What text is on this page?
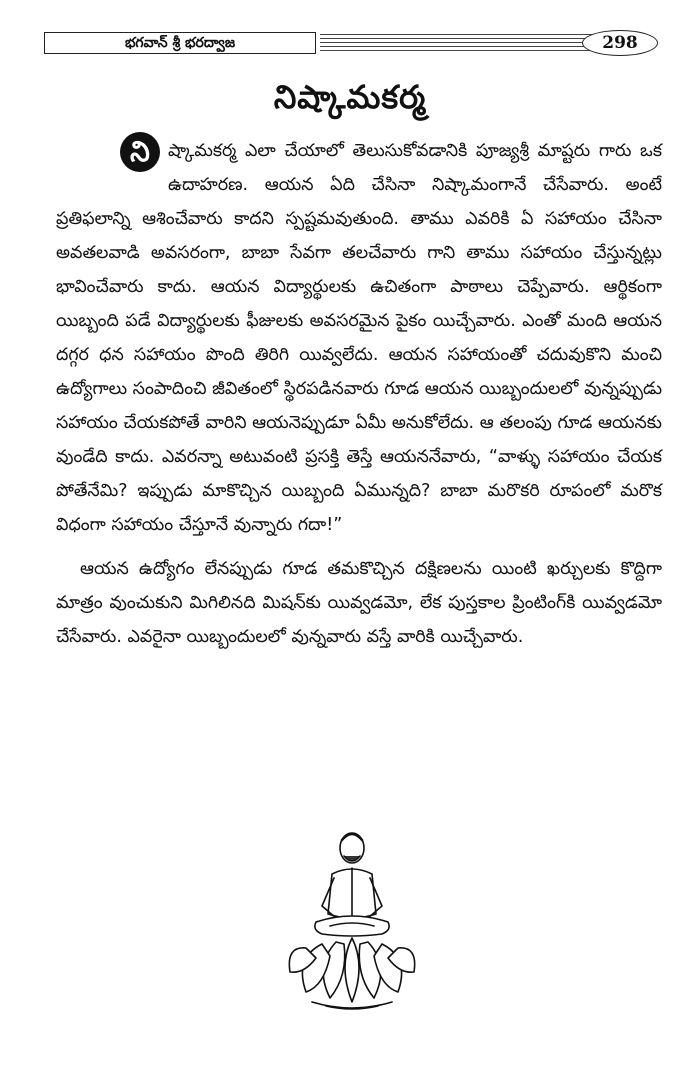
భగవాన్ శ్రీ భరద్వాజ	298
నిష్కామకర్మ

ని	ష్కామకర్మ ఎలా చేయాలో తెలుసుకోవడానికి పూజ్యశ్రీ మాష్టరు గారు ఒక ఉదాహరణ. ఆయన ఏది చేసినా నిష్కామంగానే చేసేవారు. అంటే ప్రతిఫలాన్ని ఆశించేవారు కాదని స్పష్టమవుతుంది. తాము ఎవరికి ఏ సహాయం చేసినా అవతలవాడి అవసరంగా, బాబా సేవగా తలచేవారు గాని తాము సహాయం చేస్తున్నట్లు భావించేవారు కాదు. ఆయన విద్యార్థులకు ఉచితంగా పాఠాలు చెప్పేవారు. ఆర్థికంగా యిబ్బంది పడే విద్యార్థులకు ఫీజులకు అవసరమైన పైకం యిచ్చేవారు. ఎంతో మంది ఆయన దగ్గర ధన సహాయం పొంది తిరిగి యివ్వలేదు. ఆయన సహాయంతో చదువుకొని మంచి ఉద్యోగాలు సంపాదించి జీవితంలో స్థిరపడినవారు గూడ ఆయన యిబ్బందులలో వున్నప్పుడు సహాయం చేయకపోతే వారిని ఆయనెప్పుడూ ఏమీ అనుకోలేదు. ఆ తలంపు గూడ ఆయనకు వుండేది కాదు. ఎవరన్నా అటువంటి ప్రసక్తి తెస్తే ఆయననేవారు, “వాళ్ళు సహాయం చేయక పోతేనేమి? ఇప్పుడు మాకొచ్చిన యిబ్బంది ఏమున్నది? బాబా మరొకరి రూపంలో మరొక విధంగా సహాయం చేస్తూనే వున్నారు గదా!”

ఆయన ఉద్యోగం లేనప్పుడు గూడ తమకొచ్చిన దక్షిణలను యింటి ఖర్చులకు కొద్దిగా మాత్రం వుంచుకుని మిగిలినది మిషన్‌కు యివ్వడమో, లేక పుస్తకాల ప్రింటింగ్‌కి యివ్వడమో చేసేవారు. ఎవరైనా యిబ్బందులలో వున్నవారు వస్తే వారికి యిచ్చేవారు.
